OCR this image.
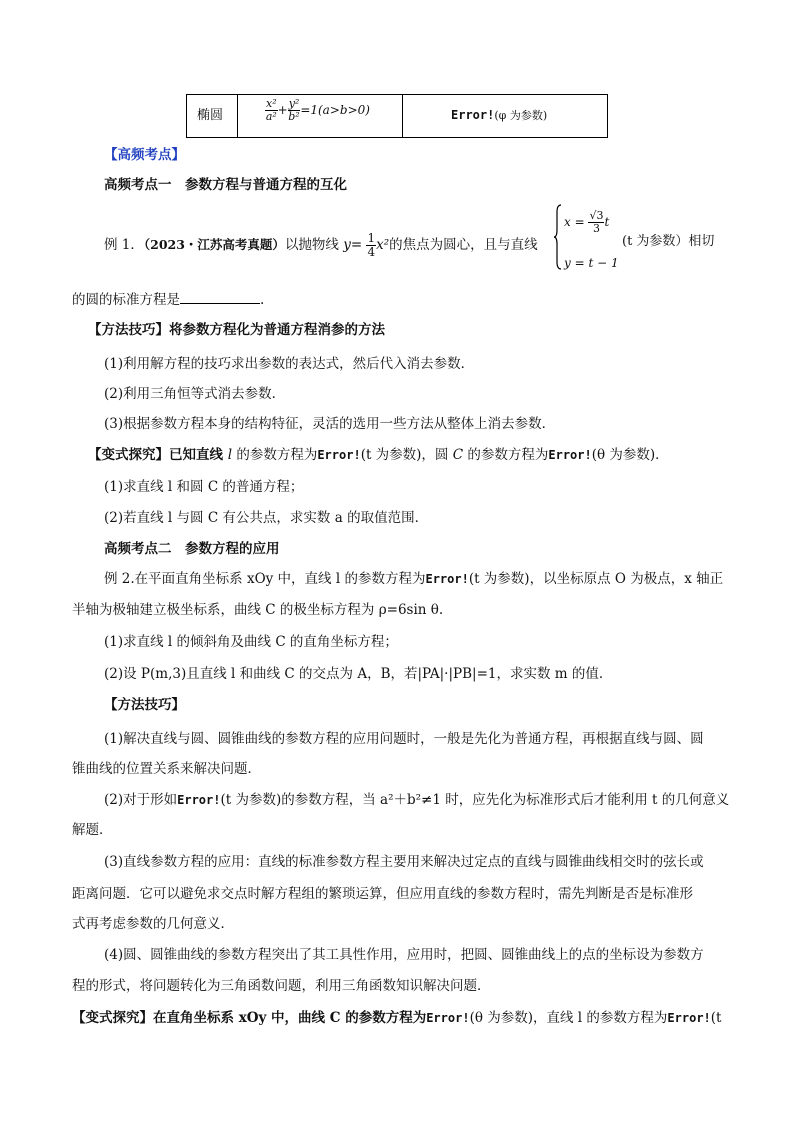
椭圆	$\frac{\text{x²}}{\text{a²}} + \frac{\text{y²}}{\text{b²}} =1(a>b>0)$	Error!(φ 为参数)
【高频考点】
高频考点一　参数方程与普通方程的互化
例 1．（2023・江苏高考真题）以抛物线 $y= \frac{1}{4} x^2$的焦点为圆心，且与直线
$x = \frac{√3}{3}$ t
(t 为参数）相切
y = t − 1
的圆的标准方程是	.
【方法技巧】将参数方程化为普通方程消参的方法
(1)利用解方程的技巧求出参数的表达式，然后代入消去参数．
(2)利用三角恒等式消去参数．
(3)根据参数方程本身的结构特征，灵活的选用一些方法从整体上消去参数．
【变式探究】已知直线 l 的参数方程为Error!(t 为参数)，圆 C 的参数方程为Error!(θ 为参数)．
(1)求直线 l 和圆 C 的普通方程；
(2)若直线 l 与圆 C 有公共点，求实数 a 的取值范围．
高频考点二　参数方程的应用
例 2.在平面直角坐标系 xOy 中，直线 l 的参数方程为Error!(t 为参数)，以坐标原点 O 为极点，x 轴正
半轴为极轴建立极坐标系，曲线 C 的极坐标方程为 ρ=6sin θ.
(1)求直线 l 的倾斜角及曲线 C 的直角坐标方程；
(2)设 P(m,3)且直线 l 和曲线 C 的交点为 A，B，若|PA|·|PB|=1，求实数 m 的值．
【方法技巧】
(1)解决直线与圆、圆锥曲线的参数方程的应用问题时，一般是先化为普通方程，再根据直线与圆、圆
锥曲线的位置关系来解决问题．
(2)对于形如Error!(t 为参数)的参数方程，当 a²＋b²≠1 时，应先化为标准形式后才能利用 t 的几何意义
解题．
(3)直线参数方程的应用：直线的标准参数方程主要用来解决过定点的直线与圆锥曲线相交时的弦长或
距离问题．它可以避免求交点时解方程组的繁琐运算，但应用直线的参数方程时，需先判断是否是标准形
式再考虑参数的几何意义．
(4)圆、圆锥曲线的参数方程突出了其工具性作用，应用时，把圆、圆锥曲线上的点的坐标设为参数方
程的形式，将问题转化为三角函数问题，利用三角函数知识解决问题．
【变式探究】在直角坐标系 xOy 中，曲线 C 的参数方程为Error!(θ 为参数)，直线 l 的参数方程为Error!(t
